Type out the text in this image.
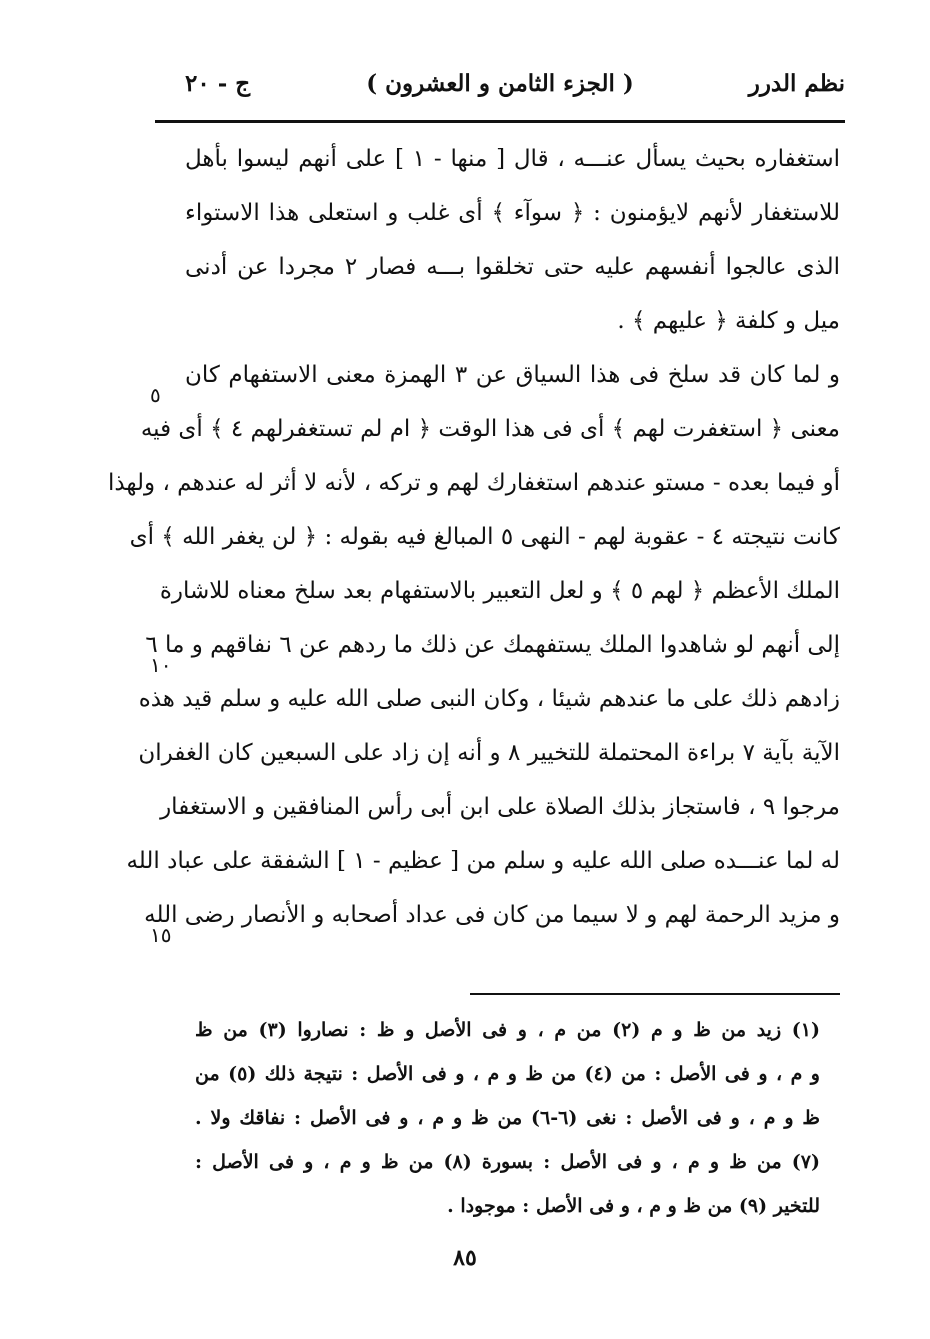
نظم الدرر
( الجزء الثامن و العشرون )
ج - ٢٠
استغفاره بحيث يسأل عنـــه ، قال [ منها - ١ ] على أنهم ليسوا بأهل
للاستغفار لأنهم لايؤمنون : ﴿ سوآء ﴾ أى غلب و استعلى هذا الاستواء
الذى عالجوا أنفسهم عليه حتى تخلقوا بـــه فصار ٢ مجردا عن أدنى
ميل و كلفة ﴿ عليهم ﴾ .
و لما كان قد سلخ فى هذا السياق عن ٣ الهمزة معنى الاستفهام كان
معنى ﴿ استغفرت لهم ﴾ أى فى هذا الوقت ﴿ ام لم تستغفرلهم ٤ ﴾ أى فيه
أو فيما بعده - مستو عندهم استغفارك لهم و تركه ، لأنه لا أثر له عندهم ، ولهذا
كانت نتيجته ٤ - عقوبة لهم - النهى ٥ المبالغ فيه بقوله : ﴿ لن يغفر الله ﴾ أى
الملك الأعظم ﴿ لهم ٥ ﴾ و لعل التعبير بالاستفهام بعد سلخ معناه للاشارة
إلى أنهم لو شاهدوا الملك يستفهمك عن ذلك ما ردهم عن ٦ نفاقهم و ما ٦
زادهم ذلك على ما عندهم شيئا ، وكان النبى صلى الله عليه و سلم قيد هذه
الآية بآية ٧ براءة المحتملة للتخيير ٨ و أنه إن زاد على السبعين كان الغفران
مرجوا ٩ ، فاستجاز بذلك الصلاة على ابن أبى رأس المنافقين و الاستغفار
له لما عنـــده صلى الله عليه و سلم من [ عظيم - ١ ] الشفقة على عباد الله
و مزيد الرحمة لهم و لا سيما من كان فى عداد أصحابه و الأنصار رضى الله
٥
١٠
١٥
(١) زيد من ظ و م (٢) من م ، و فى الأصل و ظ : نصاروا (٣) من ظ
و م ، و فى الأصل : من (٤) من ظ و م ، و فى الأصل : نتيجة ذلك (٥) من
ظ و م ، و فى الأصل : نغى (٦-٦) من ظ و م ، و فى الأصل : نفاقك ولا .
(٧) من ظ و م ، و فى الأصل : بسورة (٨) من ظ و م ، و فى الأصل :
للتخير (٩) من ظ و م ، و فى الأصل : موجودا .
٨٥
